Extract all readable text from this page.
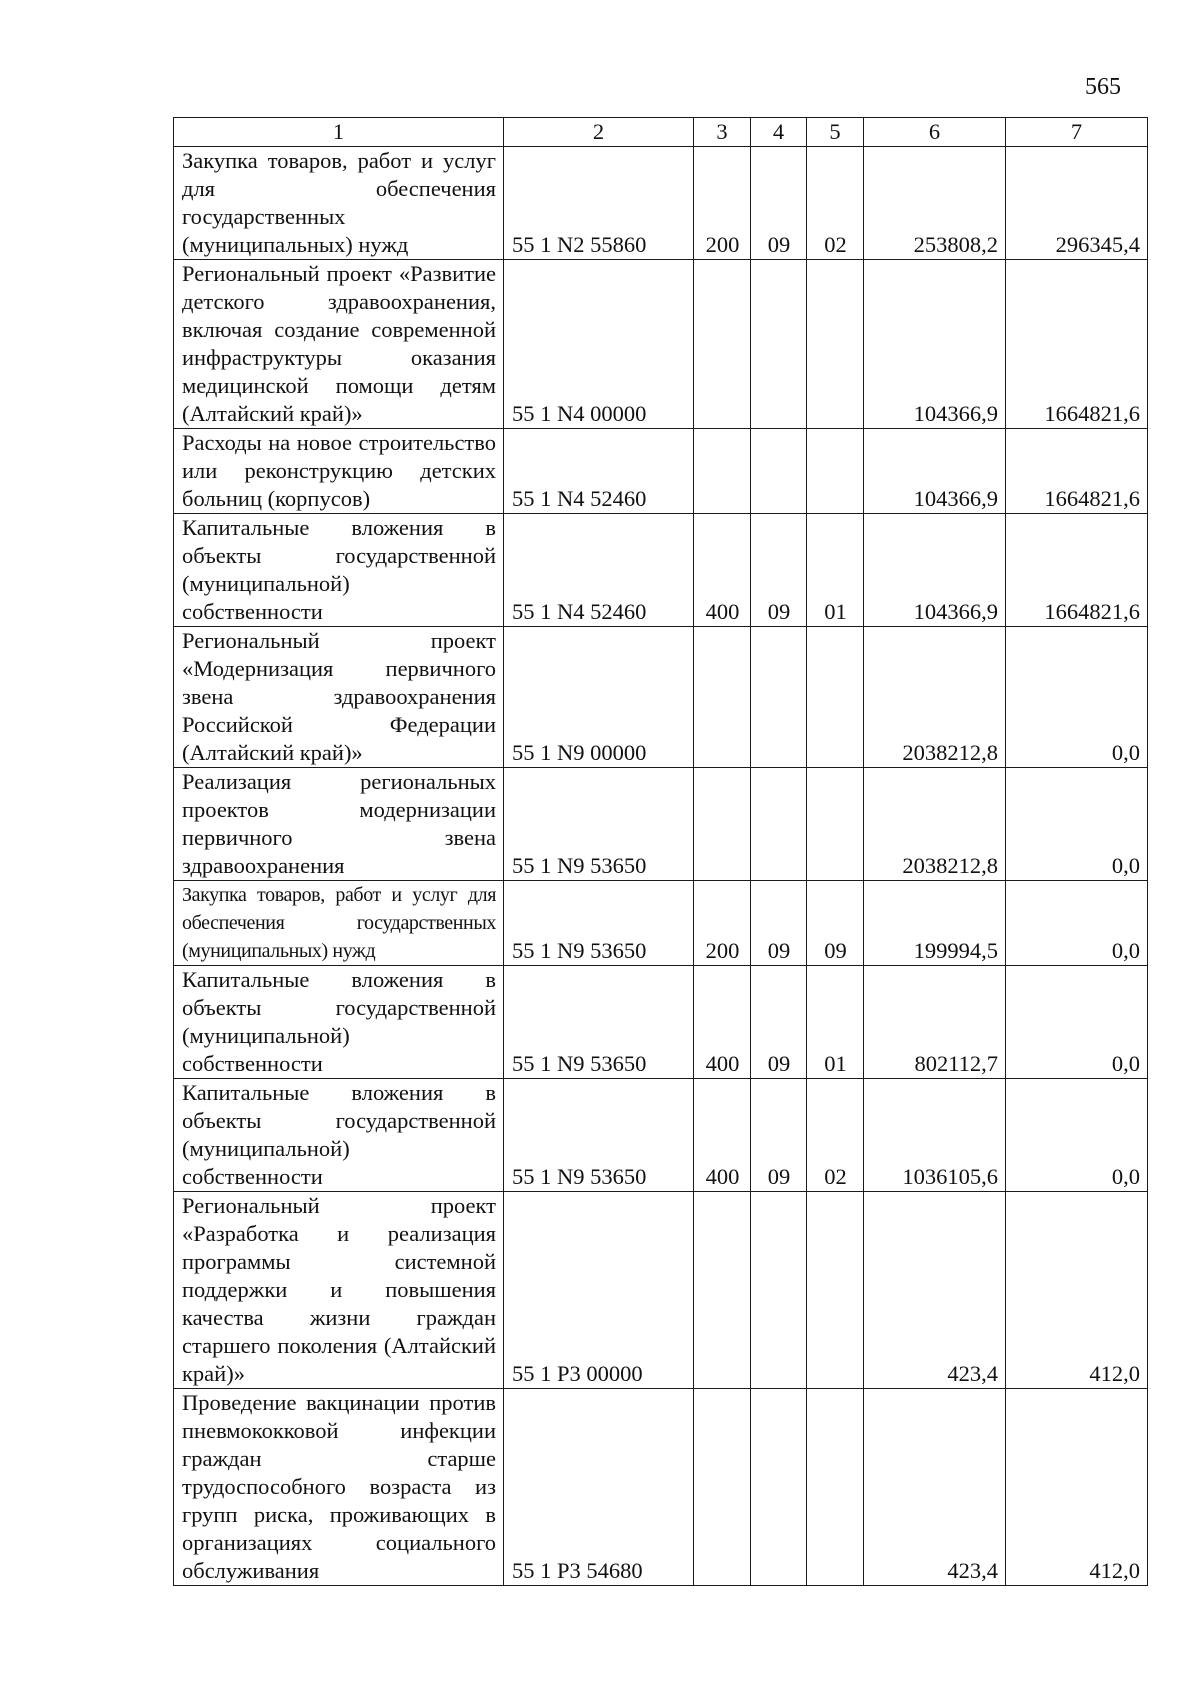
565
1	2	3	4	5	6	7
Закупка товаров, работ и услуг для обеспечения государственных (муниципальных) нужд	55 1 N2 55860	200	09	02	253808,2	296345,4
Региональный проект «Развитие детского здравоохранения, включая создание современной инфраструктуры оказания медицинской помощи детям (Алтайский край)»	55 1 N4 00000				104366,9	1664821,6
Расходы на новое строительство или реконструкцию детских больниц (корпусов)	55 1 N4 52460				104366,9	1664821,6
Капитальные вложения в объекты государственной (муниципальной) собственности	55 1 N4 52460	400	09	01	104366,9	1664821,6
Региональный проект «Модернизация первичного звена здравоохранения Российской Федерации (Алтайский край)»	55 1 N9 00000				2038212,8	0,0
Реализация региональных проектов модернизации первичного звена здравоохранения	55 1 N9 53650				2038212,8	0,0
Закупка товаров, работ и услуг для обеспечения государственных (муниципальных) нужд	55 1 N9 53650	200	09	09	199994,5	0,0
Капитальные вложения в объекты государственной (муниципальной) собственности	55 1 N9 53650	400	09	01	802112,7	0,0
Капитальные вложения в объекты государственной (муниципальной) собственности	55 1 N9 53650	400	09	02	1036105,6	0,0
Региональный проект «Разработка и реализация программы системной поддержки и повышения качества жизни граждан старшего поколения (Алтайский край)»	55 1 P3 00000				423,4	412,0
Проведение вакцинации против пневмококковой инфекции граждан старше трудоспособного возраста из групп риска, проживающих в организациях социального обслуживания	55 1 P3 54680				423,4	412,0
